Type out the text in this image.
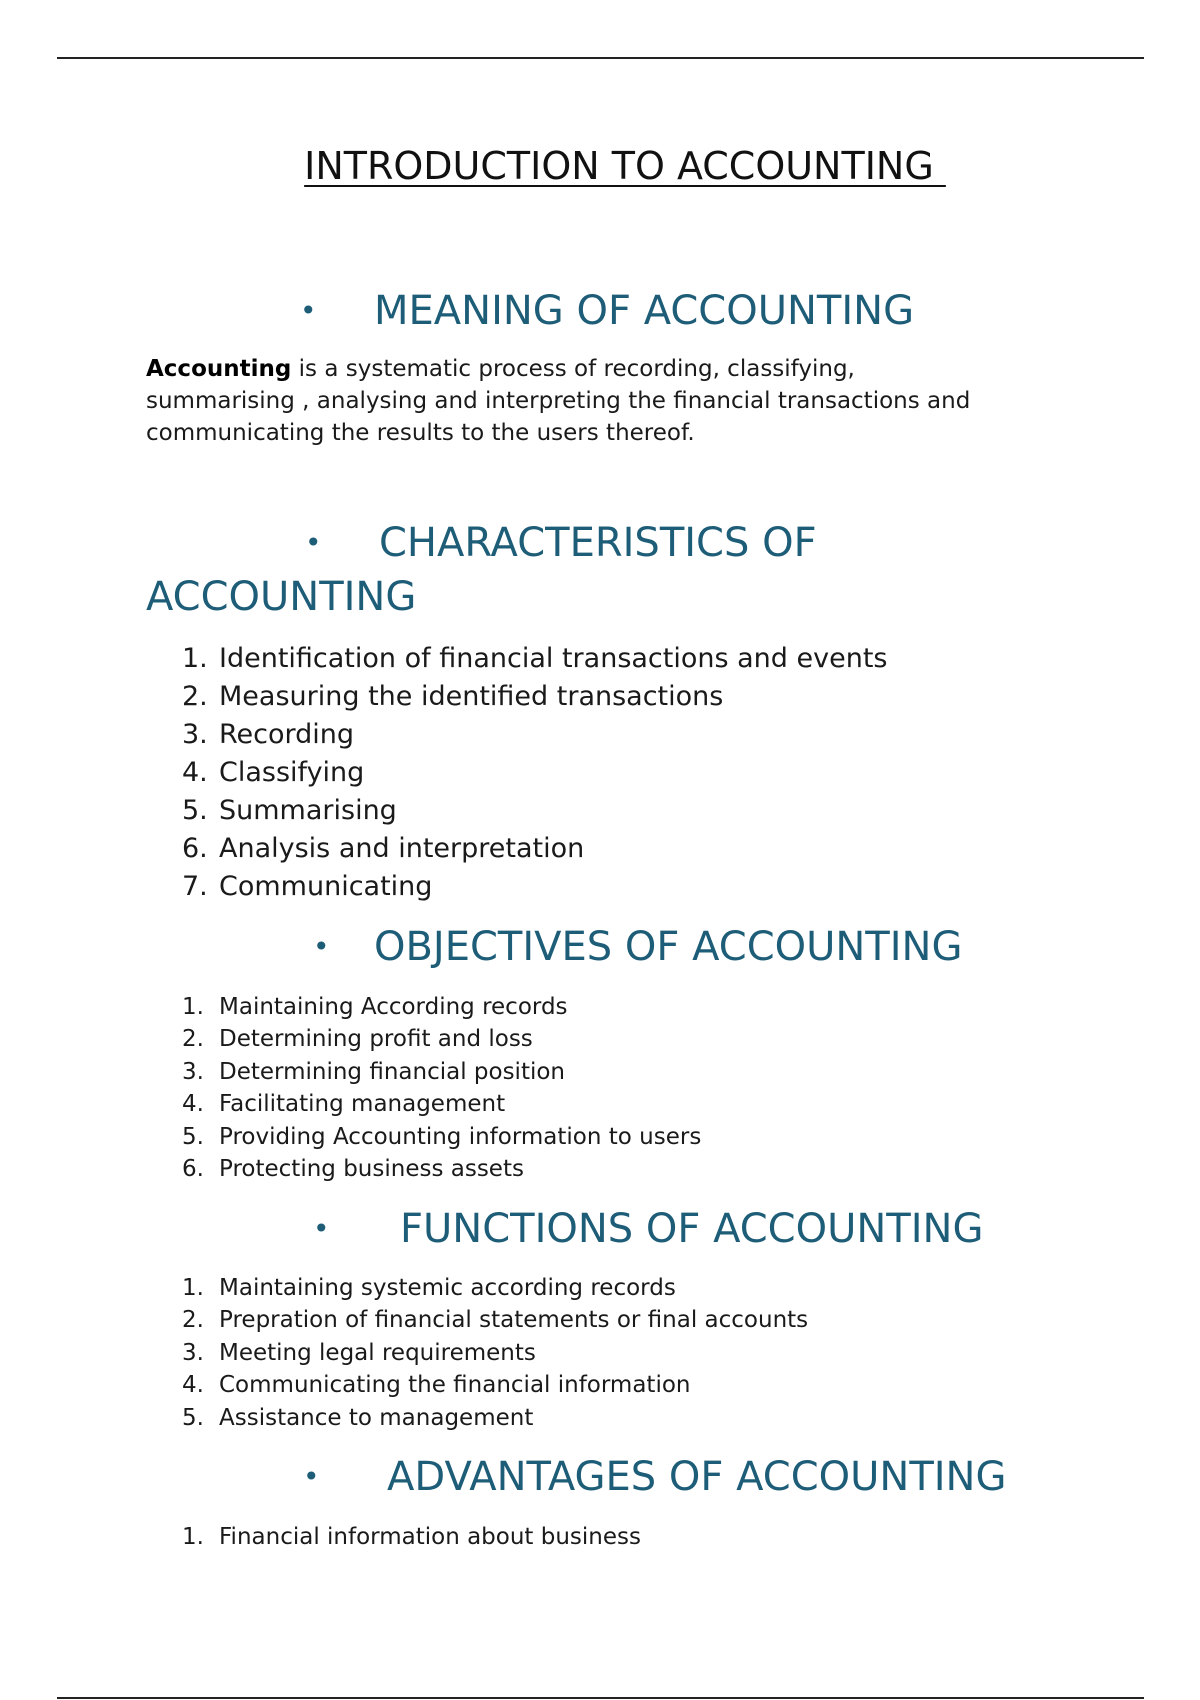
INTRODUCTION TO ACCOUNTING
• MEANING OF ACCOUNTING
Accounting is a systematic process of recording, classifying,
summarising , analysing and interpreting the financial transactions and
communicating the results to the users thereof.
• CHARACTERISTICS OF
ACCOUNTING
1. Identification of financial transactions and events
2. Measuring the identified transactions
3. Recording
4. Classifying
5. Summarising
6. Analysis and interpretation
7. Communicating
• OBJECTIVES OF ACCOUNTING
1. Maintaining According records
2. Determining profit and loss
3. Determining financial position
4. Facilitating management
5. Providing Accounting information to users
6. Protecting business assets
• FUNCTIONS OF ACCOUNTING
1. Maintaining systemic according records
2. Prepration of financial statements or final accounts
3. Meeting legal requirements
4. Communicating the financial information
5. Assistance to management
• ADVANTAGES OF ACCOUNTING
1. Financial information about business
